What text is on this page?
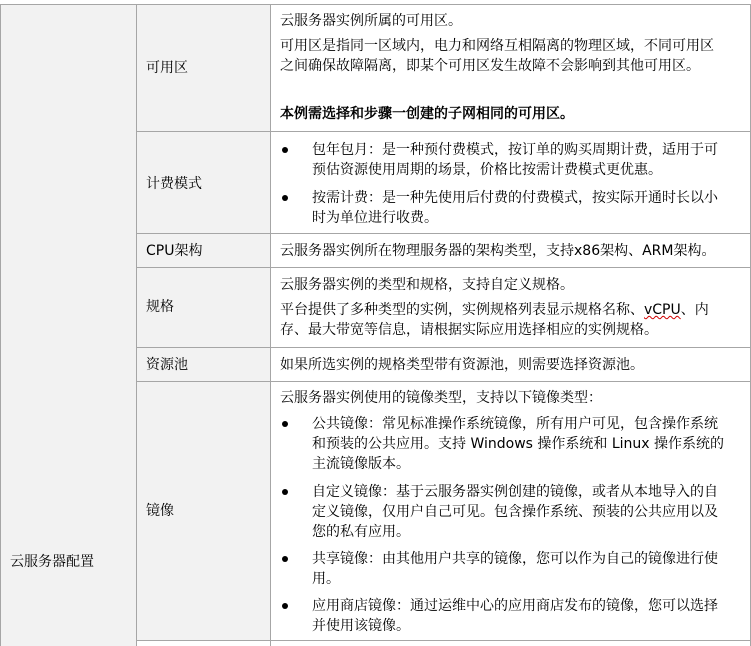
云服务器配置
可用区
云服务器实例所属的可用区。
可用区是指同一区域内，电力和网络互相隔离的物理区域，不同可用区
之间确保故障隔离，即某个可用区发生故障不会影响到其他可用区。
本例需选择和步骤一创建的子网相同的可用区。
计费模式
包年包月：是一种预付费模式，按订单的购买周期计费，适用于可
预估资源使用周期的场景，价格比按需计费模式更优惠。
按需计费：是一种先使用后付费的付费模式，按实际开通时长以小
时为单位进行收费。
CPU架构	云服务器实例所在物理服务器的架构类型，支持x86架构、ARM架构。
规格
云服务器实例的类型和规格，支持自定义规格。
平台提供了多种类型的实例，实例规格列表显示规格名称、vCPU、内
存、最大带宽等信息，请根据实际应用选择相应的实例规格。
资源池	如果所选实例的规格类型带有资源池，则需要选择资源池。
镜像
云服务器实例使用的镜像类型，支持以下镜像类型：
公共镜像：常见标准操作系统镜像，所有用户可见，包含操作系统
和预装的公共应用。支持 Windows 操作系统和 Linux 操作系统的
主流镜像版本。
自定义镜像：基于云服务器实例创建的镜像，或者从本地导入的自
定义镜像，仅用户自己可见。包含操作系统、预装的公共应用以及
您的私有应用。
共享镜像：由其他用户共享的镜像，您可以作为自己的镜像进行使
用。
应用商店镜像：通过运维中心的应用商店发布的镜像，您可以选择
并使用该镜像。
